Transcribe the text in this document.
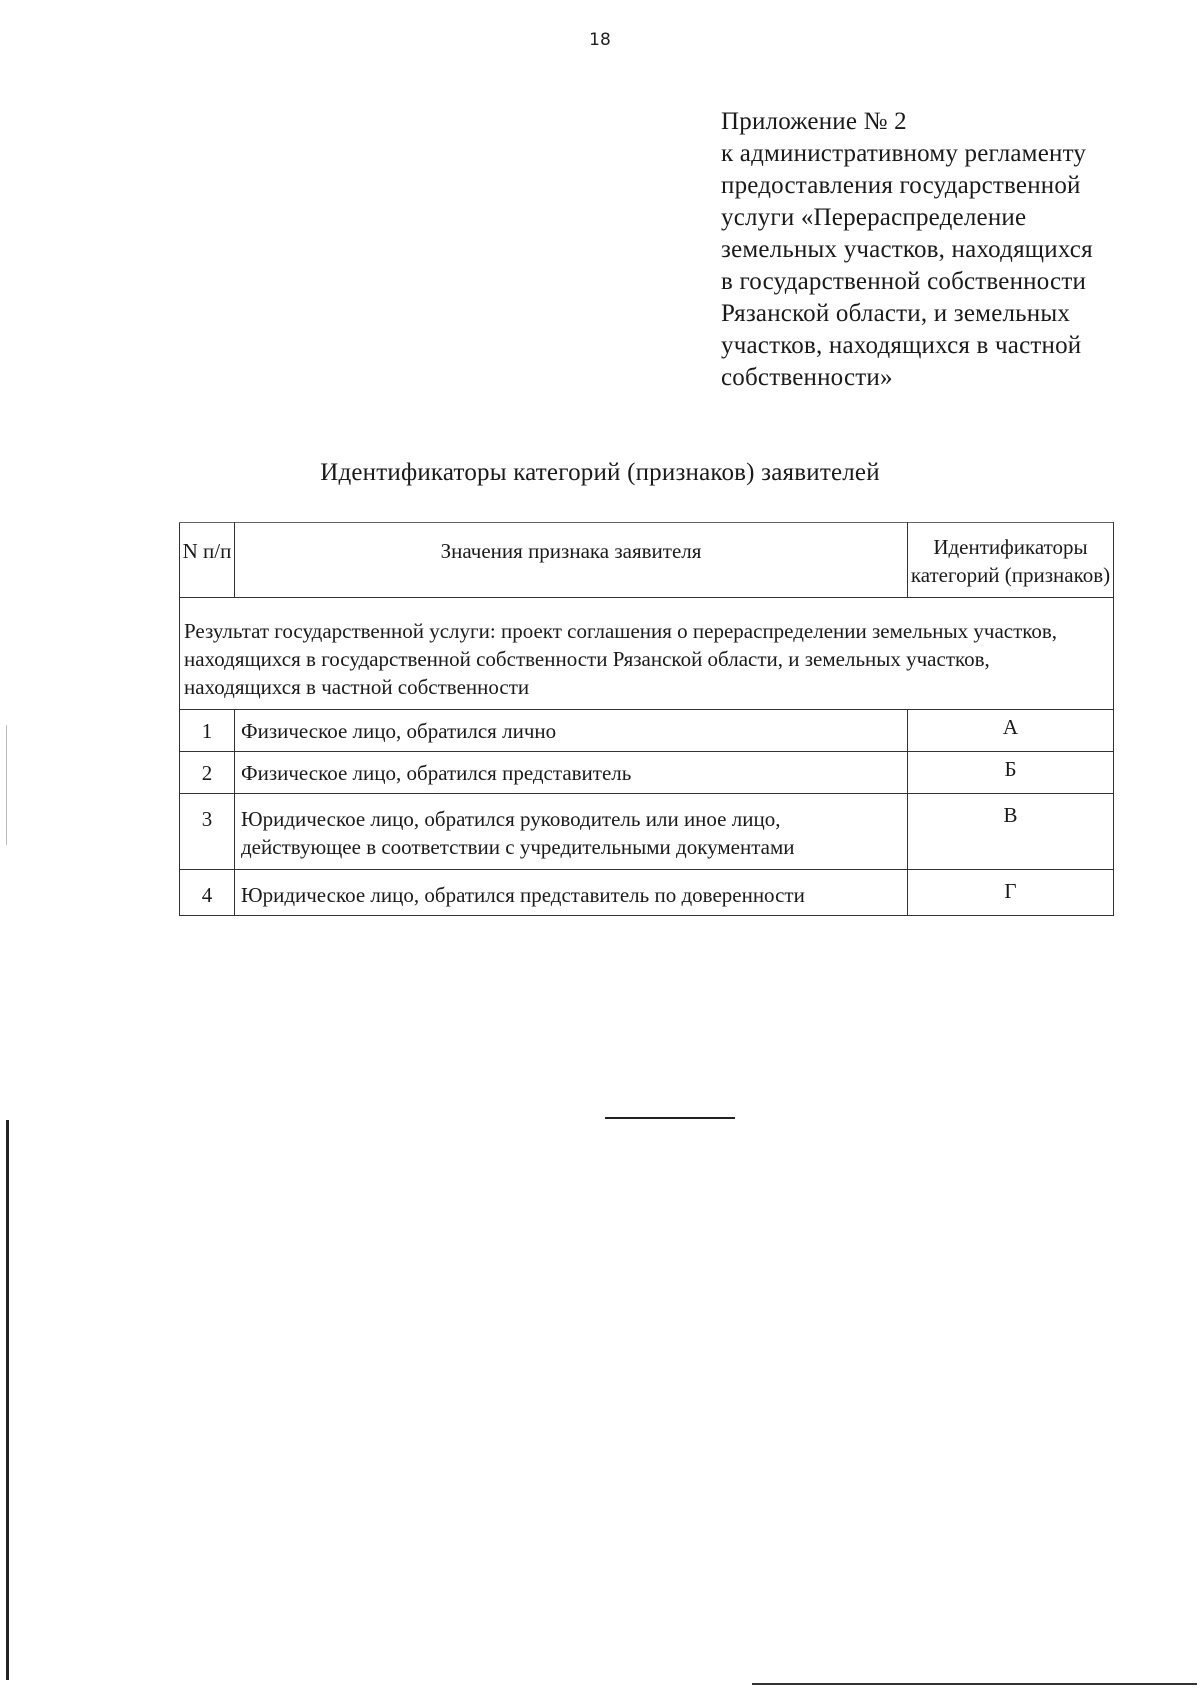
18
Приложение № 2
к административному регламенту
предоставления государственной
услуги «Перераспределение
земельных участков, находящихся
в государственной собственности
Рязанской области, и земельных
участков, находящихся в частной
собственности»
Идентификаторы категорий (признаков) заявителей
N п/п	Значения признака заявителя	Идентификаторы категорий (признаков)
Результат государственной услуги: проект соглашения о перераспределении земельных участков, находящихся в государственной собственности Рязанской области, и земельных участков, находящихся в частной собственности		
1	Физическое лицо, обратился лично	А
2	Физическое лицо, обратился представитель	Б
3	Юридическое лицо, обратился руководитель или иное лицо, действующее в соответствии с учредительными документами	В
4	Юридическое лицо, обратился представитель по доверенности	Г
